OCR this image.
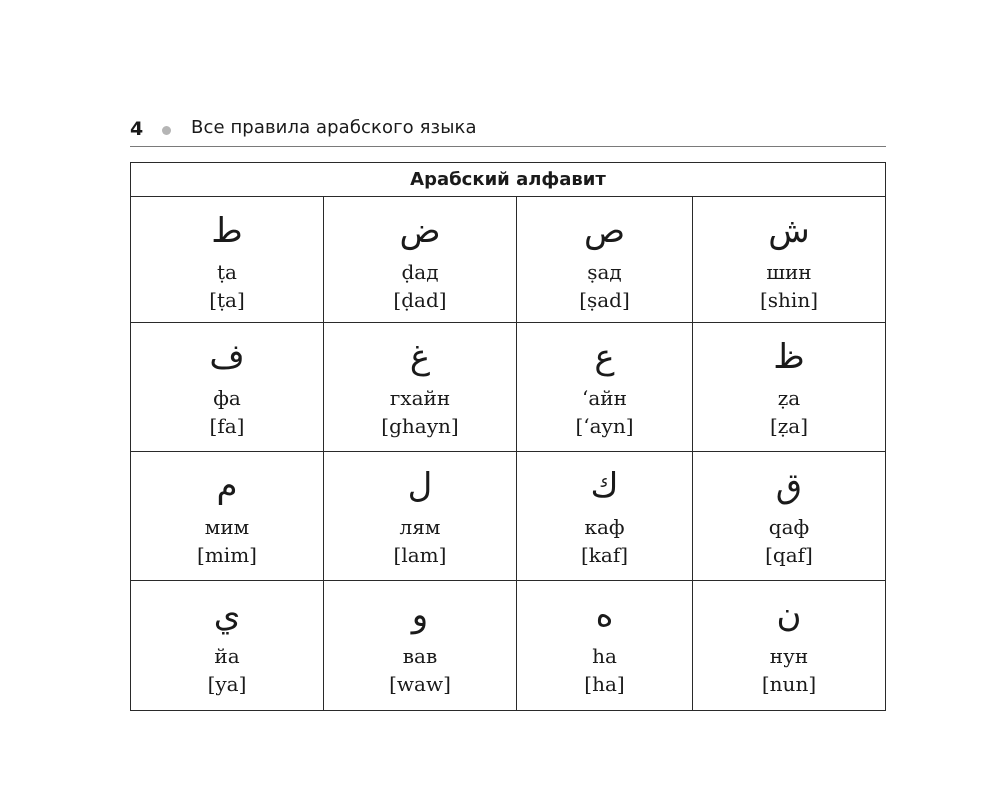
4	Все правила арабского языка
Арабский алфавит
ط
ṭа
[ṭa]
ض
ḍад
[ḍad]
ص
ṣад
[ṣad]
ش
шин
[shin]
ف
фа
[fa]
غ
гхайн
[ghayn]
ع
ʻайн
[ʻayn]
ظ
ẓа
[ẓa]
م
мим
[mim]
ل
лям
[lam]
ك
каф
[kaf]
ق
qаф
[qaf]
ي
йа
[ya]
و
вав
[waw]
ه
hа
[ha]
ن
нун
[nun]
